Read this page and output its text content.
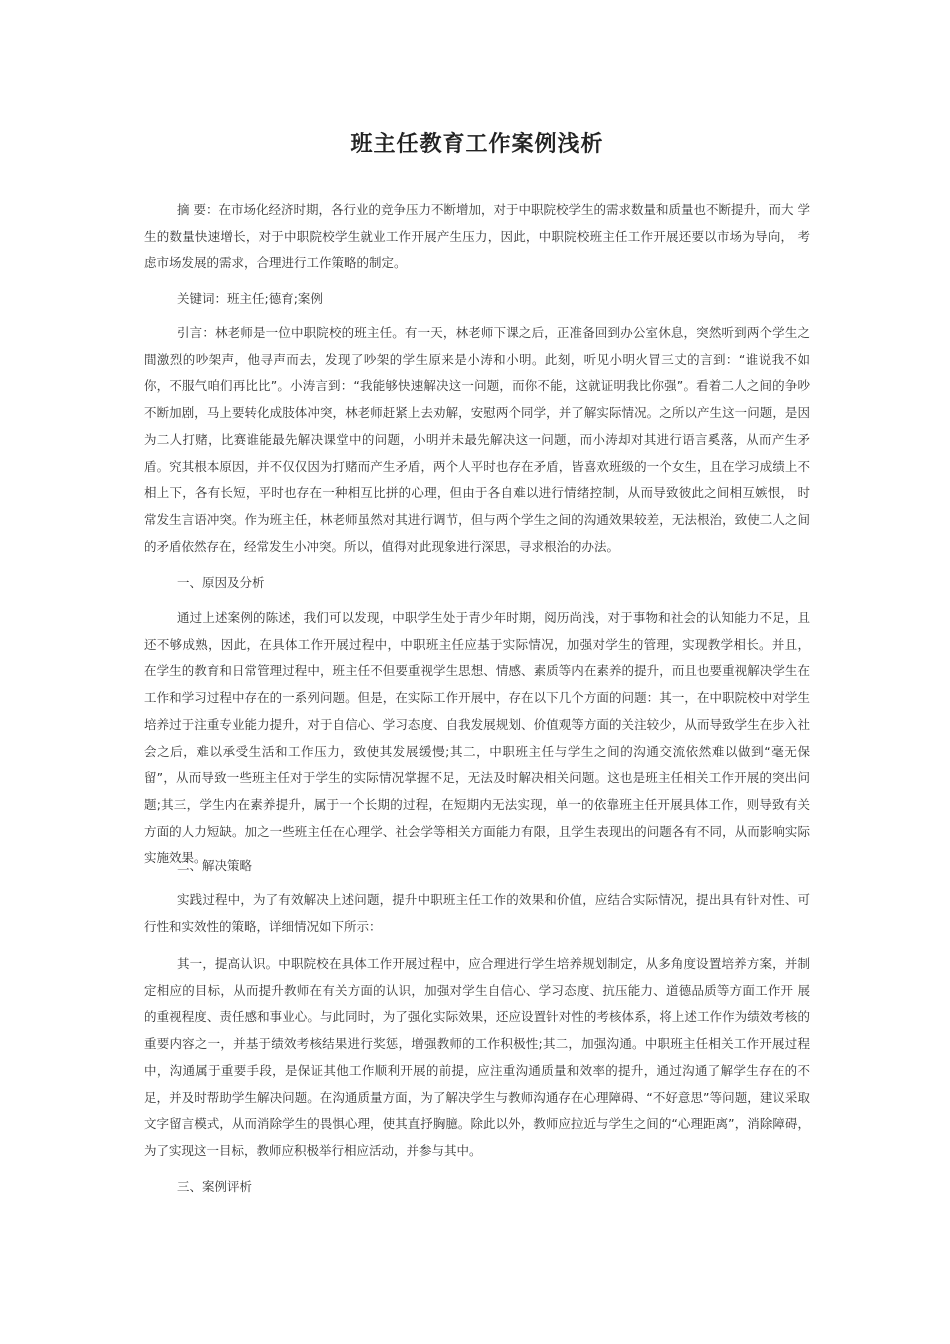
班主任教育工作案例浅析

摘 要：在市场化经济时期，各行业的竞争压力不断增加，对于中职院校学生的需求数量和质量也不断提升，而大 学生的数量快速增长，对于中职院校学生就业工作开展产生压力，因此，中职院校班主任工作开展还要以市场为导向， 考虑市场发展的需求，合理进行工作策略的制定。

关键词：班主任;德育;案例

引言：林老师是一位中职院校的班主任。有一天，林老师下课之后，正准备回到办公室休息，突然听到两个学生之間激烈的吵架声，他寻声而去，发现了吵架的学生原来是小涛和小明。此刻，听见小明火冒三丈的言到：“谁说我不如你，不服气咱们再比比”。小涛言到：“我能够快速解决这一问题，而你不能，这就证明我比你强”。看着二人之间的争吵不断加剧，马上要转化成肢体冲突，林老师赶紧上去劝解，安慰两个同学，并了解实际情况。之所以产生这一问题，是因为二人打赌，比赛谁能最先解决课堂中的问题，小明并未最先解决这一问题，而小涛却对其进行语言奚落，从而产生矛盾。究其根本原因，并不仅仅因为打赌而产生矛盾，两个人平时也存在矛盾，皆喜欢班级的一个女生，且在学习成绩上不相上下，各有长短，平时也存在一种相互比拼的心理，但由于各自难以进行情绪控制，从而导致彼此之间相互嫉恨， 时常发生言语冲突。作为班主任，林老师虽然对其进行调节，但与两个学生之间的沟通效果较差，无法根治，致使二人之间的矛盾依然存在，经常发生小冲突。所以，值得对此现象进行深思，寻求根治的办法。

一、原因及分析

通过上述案例的陈述，我们可以发现，中职学生处于青少年时期，阅历尚浅，对于事物和社会的认知能力不足，且还不够成熟，因此，在具体工作开展过程中，中职班主任应基于实际情况，加强对学生的管理，实现教学相长。并且， 在学生的教育和日常管理过程中，班主任不但要重视学生思想、情感、素质等内在素养的提升，而且也要重视解决学生在工作和学习过程中存在的一系列问题。但是，在实际工作开展中，存在以下几个方面的问题：其一，在中职院校中对学生培养过于注重专业能力提升，对于自信心、学习态度、自我发展规划、价值观等方面的关注较少，从而导致学生在步入社会之后，难以承受生活和工作压力，致使其发展缓慢;其二，中职班主任与学生之间的沟通交流依然难以做到“毫无保留”，从而导致一些班主任对于学生的实际情况掌握不足，无法及时解决相关问题。这也是班主任相关工作开展的突出问题;其三，学生内在素养提升，属于一个长期的过程，在短期内无法实现，单一的依靠班主任开展具体工作，则导致有关方面的人力短缺。加之一些班主任在心理学、社会学等相关方面能力有限，且学生表现出的问题各有不同，从而影响实际实施效果。

二、解决策略

实践过程中，为了有效解决上述问题，提升中职班主任工作的效果和价值，应结合实际情况，提出具有针对性、可行性和实效性的策略，详细情况如下所示：

其一，提高认识。中职院校在具体工作开展过程中，应合理进行学生培养规划制定，从多角度设置培养方案，并制定相应的目标，从而提升教师在有关方面的认识，加强对学生自信心、学习态度、抗压能力、道德品质等方面工作开 展的重视程度、责任感和事业心。与此同时，为了强化实际效果，还应设置针对性的考核体系，将上述工作作为绩效考核的重要内容之一，并基于绩效考核结果进行奖惩，增强教师的工作积极性;其二，加强沟通。中职班主任相关工作开展过程中，沟通属于重要手段，是保证其他工作顺利开展的前提，应注重沟通质量和效率的提升，通过沟通了解学生存在的不足，并及时帮助学生解决问题。在沟通质量方面，为了解决学生与教师沟通存在心理障碍、“不好意思”等问题，建议采取文字留言模式，从而消除学生的畏惧心理，使其直抒胸臆。除此以外，教师应拉近与学生之间的“心理距离”，消除障碍，为了实现这一目标，教师应积极举行相应活动，并参与其中。

三、案例评析
